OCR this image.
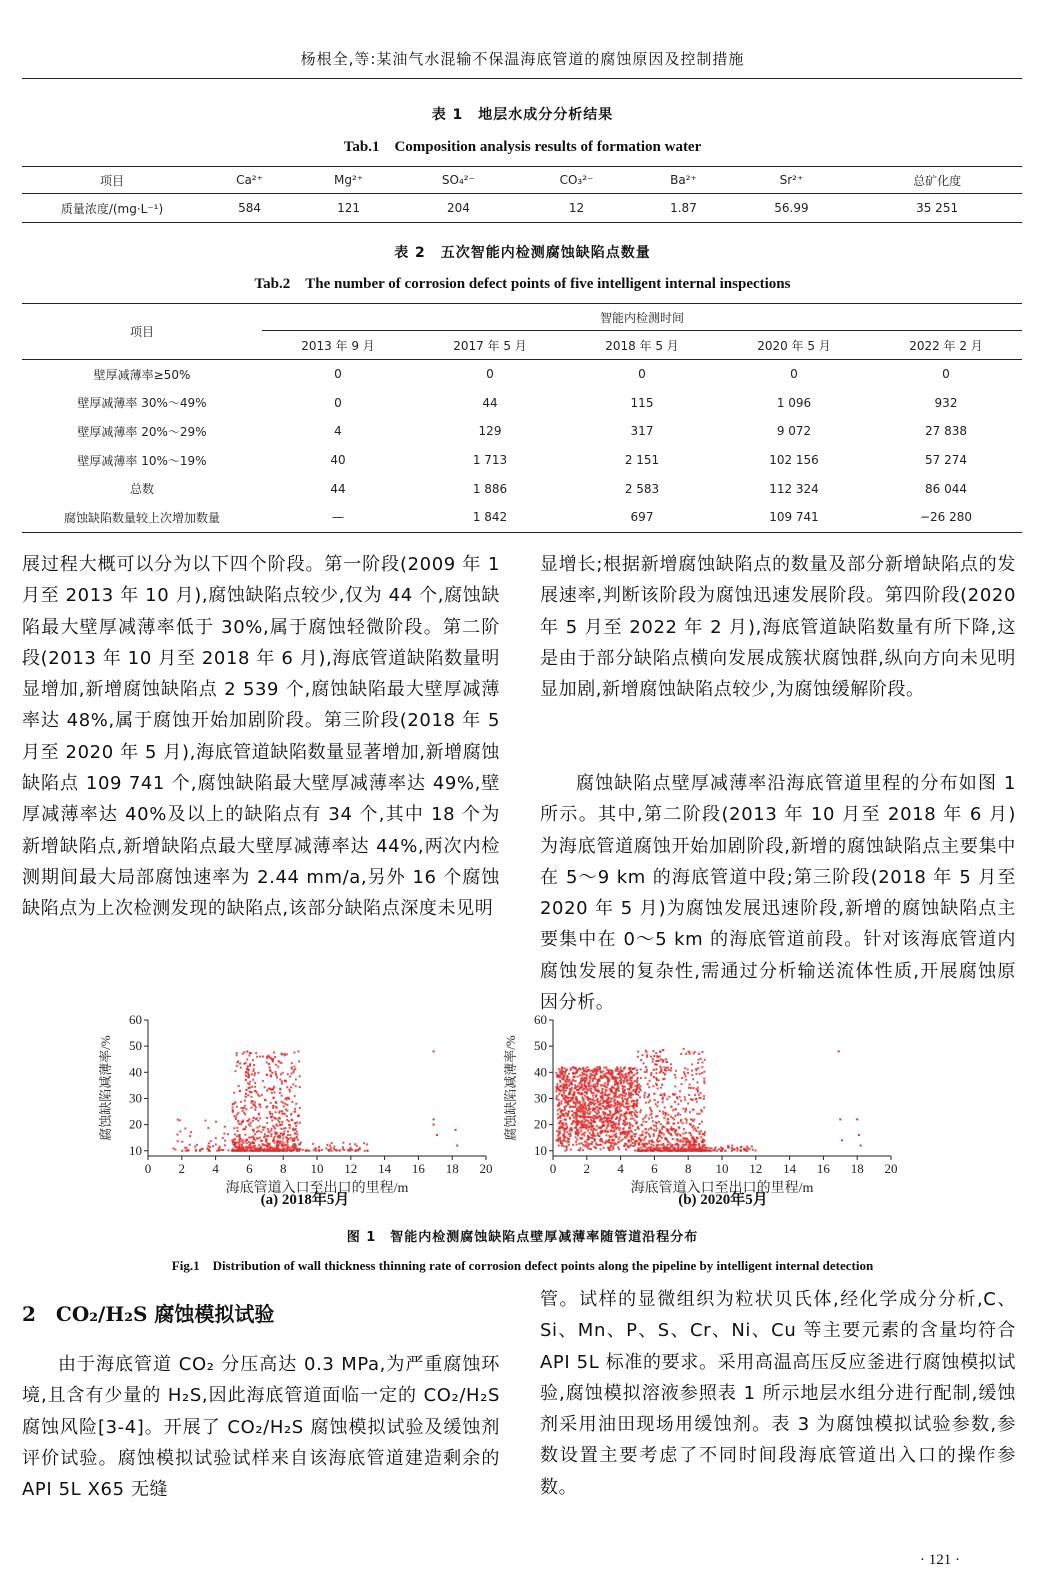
杨根全,等:某油气水混输不保温海底管道的腐蚀原因及控制措施
表 1　地层水成分分析结果
Tab.1　Composition analysis results of formation water
项目	Ca²⁺	Mg²⁺	SO₄²⁻	CO₃²⁻	Ba²⁺	Sr²⁺	总矿化度
质量浓度/(mg·L⁻¹)	584	121	204	12	1.87	56.99	35 251
表 2　五次智能内检测腐蚀缺陷点数量
Tab.2　The number of corrosion defect points of five intelligent internal inspections
项目	智能内检测时间				
	2013 年 9 月	2017 年 5 月	2018 年 5 月	2020 年 5 月	2022 年 2 月
壁厚减薄率≥50%	0	0	0	0	0
壁厚减薄率 30%～49%	0	44	115	1 096	932
壁厚减薄率 20%～29%	4	129	317	9 072	27 838
壁厚减薄率 10%～19%	40	1 713	2 151	102 156	57 274
总数	44	1 886	2 583	112 324	86 044
腐蚀缺陷数量较上次增加数量	—	1 842	697	109 741	−26 280

展过程大概可以分为以下四个阶段。第一阶段(2009 年 1 月至 2013 年 10 月),腐蚀缺陷点较少,仅为 44 个,腐蚀缺陷最大壁厚减薄率低于 30%,属于腐蚀轻微阶段。第二阶段(2013 年 10 月至 2018 年 6 月),海底管道缺陷数量明显增加,新增腐蚀缺陷点 2 539 个,腐蚀缺陷最大壁厚减薄率达 48%,属于腐蚀开始加剧阶段。第三阶段(2018 年 5 月至 2020 年 5 月),海底管道缺陷数量显著增加,新增腐蚀缺陷点 109 741 个,腐蚀缺陷最大壁厚减薄率达 49%,壁厚减薄率达 40%及以上的缺陷点有 34 个,其中 18 个为新增缺陷点,新增缺陷点最大壁厚减薄率达 44%,两次内检测期间最大局部腐蚀速率为 2.44 mm/a,另外 16 个腐蚀缺陷点为上次检测发现的缺陷点,该部分缺陷点深度未见明

显增长;根据新增腐蚀缺陷点的数量及部分新增缺陷点的发展速率,判断该阶段为腐蚀迅速发展阶段。第四阶段(2020 年 5 月至 2022 年 2 月),海底管道缺陷数量有所下降,这是由于部分缺陷点横向发展成簇状腐蚀群,纵向方向未见明显加剧,新增腐蚀缺陷点较少,为腐蚀缓解阶段。

腐蚀缺陷点壁厚减薄率沿海底管道里程的分布如图 1 所示。其中,第二阶段(2013 年 10 月至 2018 年 6 月)为海底管道腐蚀开始加剧阶段,新增的腐蚀缺陷点主要集中在 5～9 km 的海底管道中段;第三阶段(2018 年 5 月至 2020 年 5 月)为腐蚀发展迅速阶段,新增的腐蚀缺陷点主要集中在 0～5 km 的海底管道前段。针对该海底管道内腐蚀发展的复杂性,需通过分析输送流体性质,开展腐蚀原因分析。

0 2 4 6 8 10 12 14 16 18 20
10
20
30
40
50
60
海底管道入口至出口的里程/m
腐蚀缺陷减薄率/%
0 2 4 6 8 10 12 14 16 18 20
10
20
30
40
50
60
海底管道入口至出口的里程/m
腐蚀缺陷减薄率/%
(a) 2018年5月	(b) 2020年5月
图 1　智能内检测腐蚀缺陷点壁厚减薄率随管道沿程分布
Fig.1　Distribution of wall thickness thinning rate of corrosion defect points along the pipeline by intelligent internal detection
2　CO₂/H₂S 腐蚀模拟试验

由于海底管道 CO₂ 分压高达 0.3 MPa,为严重腐蚀环境,且含有少量的 H₂S,因此海底管道面临一定的 CO₂/H₂S 腐蚀风险[3-4]。开展了 CO₂/H₂S 腐蚀模拟试验及缓蚀剂评价试验。腐蚀模拟试验试样来自该海底管道建造剩余的 API 5L X65 无缝

管。试样的显微组织为粒状贝氏体,经化学成分分析,C、Si、Mn、P、S、Cr、Ni、Cu 等主要元素的含量均符合 API 5L 标准的要求。采用高温高压反应釜进行腐蚀模拟试验,腐蚀模拟溶液参照表 1 所示地层水组分进行配制,缓蚀剂采用油田现场用缓蚀剂。表 3 为腐蚀模拟试验参数,参数设置主要考虑了不同时间段海底管道出入口的操作参数。

· 121 ·
